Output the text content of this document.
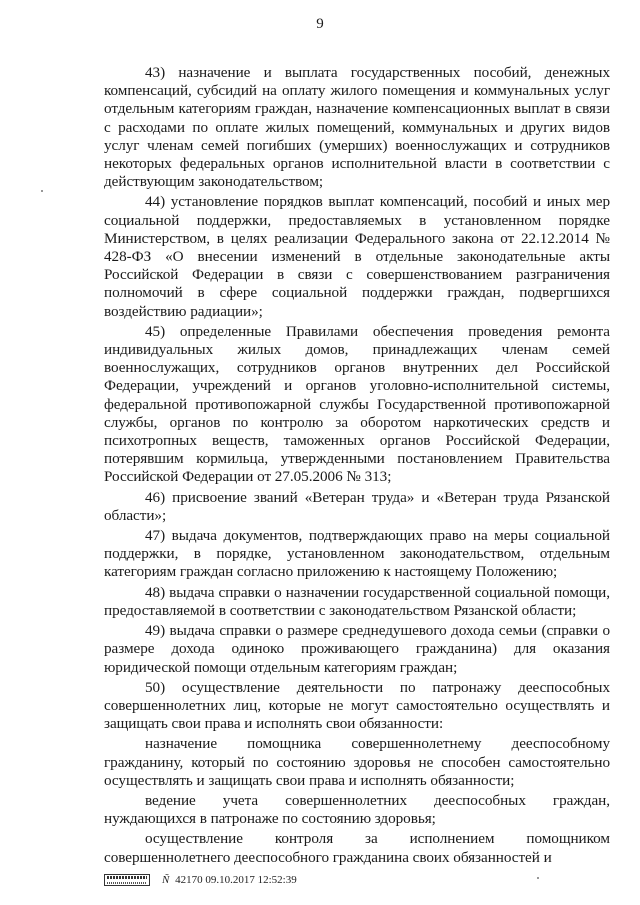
9

43) назначение и выплата государственных пособий, денежных компенсаций, субсидий на оплату жилого помещения и коммунальных услуг отдельным категориям граждан, назначение компенсационных выплат в связи с расходами по оплате жилых помещений, коммунальных и других видов услуг членам семей погибших (умерших) военнослужащих и сотрудников некоторых федеральных органов исполнительной власти в соответствии с действующим законодательством;

44) установление порядков выплат компенсаций, пособий и иных мер социальной поддержки, предоставляемых в установленном порядке Министерством, в целях реализации Федерального закона от 22.12.2014 № 428-ФЗ «О внесении изменений в отдельные законодательные акты Российской Федерации в связи с совершенствованием разграничения полномочий в сфере социальной поддержки граждан, подвергшихся воздействию радиации»;

45) определенные Правилами обеспечения проведения ремонта индивидуальных жилых домов, принадлежащих членам семей военнослужащих, сотрудников органов внутренних дел Российской Федерации, учреждений и органов уголовно-исполнительной системы, федеральной противопожарной службы Государственной противопожарной службы, органов по контролю за оборотом наркотических средств и психотропных веществ, таможенных органов Российской Федерации, потерявшим кормильца, утвержденными постановлением Правительства Российской Федерации от 27.05.2006 № 313;

46) присвоение званий «Ветеран труда» и «Ветеран труда Рязанской области»;

47) выдача документов, подтверждающих право на меры социальной поддержки, в порядке, установленном законодательством, отдельным категориям граждан согласно приложению к настоящему Положению;

48) выдача справки о назначении государственной социальной помощи, предоставляемой в соответствии с законодательством Рязанской области;

49) выдача справки о размере среднедушевого дохода семьи (справки о размере дохода одиноко проживающего гражданина) для оказания юридической помощи отдельным категориям граждан;

50) осуществление деятельности по патронажу дееспособных совершеннолетних лиц, которые не могут самостоятельно осуществлять и защищать свои права и исполнять свои обязанности:

назначение помощника совершеннолетнему дееспособному гражданину, который по состоянию здоровья не способен самостоятельно осуществлять и защищать свои права и исполнять обязанности;

ведение учета совершеннолетних дееспособных граждан, нуждающихся в патронаже по состоянию здоровья;

осуществление контроля за исполнением помощником совершеннолетнего дееспособного гражданина своих обязанностей и

Ñ 42170 09.10.2017 12:52:39
